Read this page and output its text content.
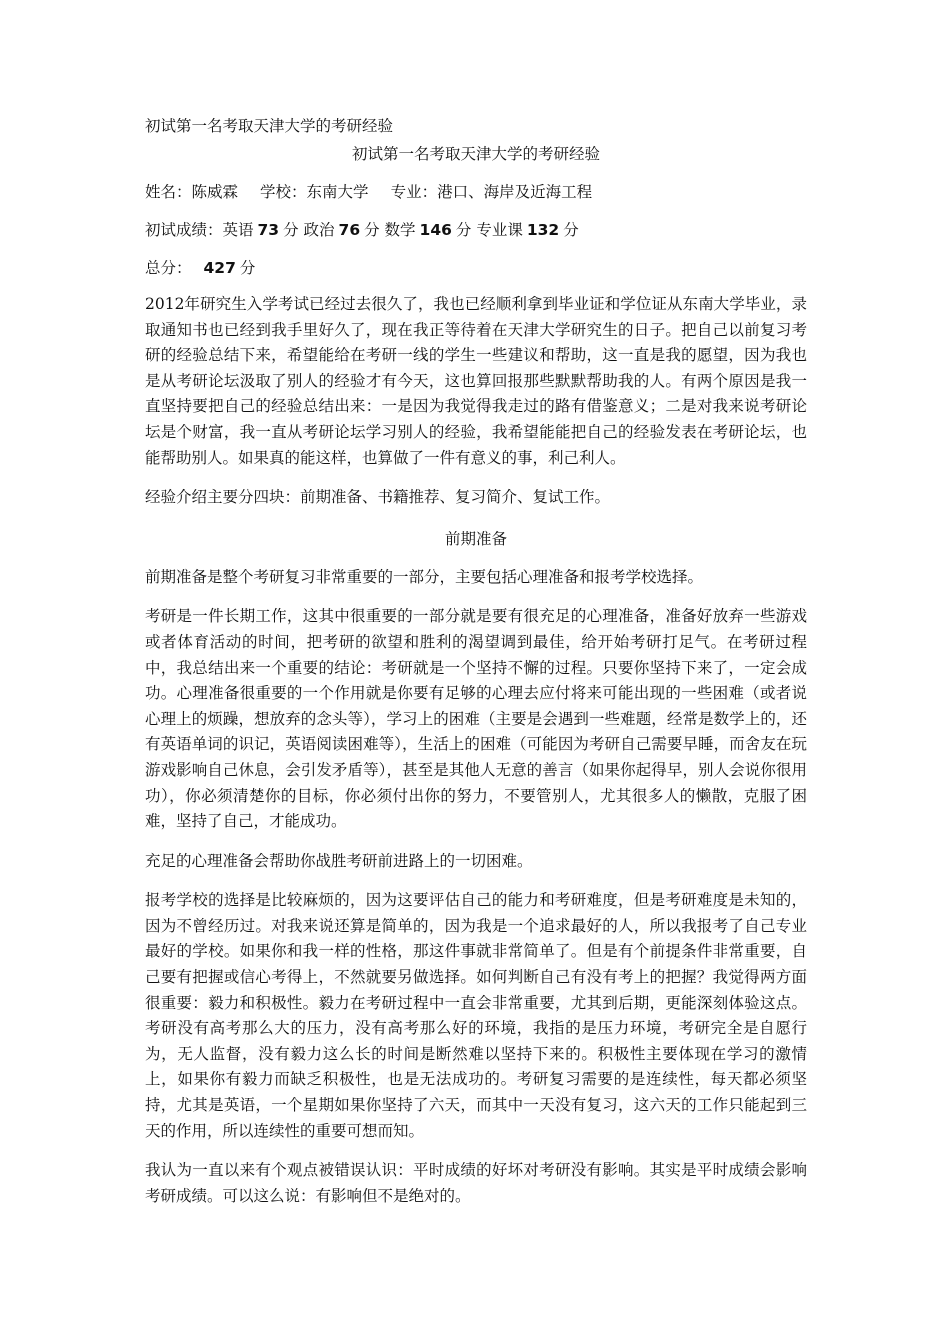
初试第一名考取天津大学的考研经验
初试第一名考取天津大学的考研经验
姓名：陈威霖 学校：东南大学 专业：港口、海岸及近海工程
初试成绩：英语 73 分 政治 76 分 数学 146 分 专业课 132 分
总分： 427 分

2012年研究生入学考试已经过去很久了，我也已经顺利拿到毕业证和学位证从东南大学毕业，录取通知书也已经到我手里好久了，现在我正等待着在天津大学研究生的日子。把自己以前复习考研的经验总结下来，希望能给在考研一线的学生一些建议和帮助，这一直是我的愿望，因为我也是从考研论坛汲取了别人的经验才有今天，这也算回报那些默默帮助我的人。有两个原因是我一直坚持要把自己的经验总结出来：一是因为我觉得我走过的路有借鉴意义；二是对我来说考研论坛是个财富，我一直从考研论坛学习别人的经验，我希望能能把自己的经验发表在考研论坛，也能帮助别人。如果真的能这样，也算做了一件有意义的事，利己利人。

经验介绍主要分四块：前期准备、书籍推荐、复习简介、复试工作。

前期准备

前期准备是整个考研复习非常重要的一部分，主要包括心理准备和报考学校选择。

考研是一件长期工作，这其中很重要的一部分就是要有很充足的心理准备，准备好放弃一些游戏或者体育活动的时间，把考研的欲望和胜利的渴望调到最佳，给开始考研打足气。在考研过程中，我总结出来一个重要的结论：考研就是一个坚持不懈的过程。只要你坚持下来了，一定会成功。心理准备很重要的一个作用就是你要有足够的心理去应付将来可能出现的一些困难（或者说心理上的烦躁，想放弃的念头等），学习上的困难（主要是会遇到一些难题，经常是数学上的，还有英语单词的识记，英语阅读困难等），生活上的困难（可能因为考研自己需要早睡，而舍友在玩游戏影响自己休息，会引发矛盾等），甚至是其他人无意的善言（如果你起得早，别人会说你很用功），你必须清楚你的目标，你必须付出你的努力，不要管别人，尤其很多人的懒散，克服了困难，坚持了自己，才能成功。

充足的心理准备会帮助你战胜考研前进路上的一切困难。

报考学校的选择是比较麻烦的，因为这要评估自己的能力和考研难度，但是考研难度是未知的，因为不曾经历过。对我来说还算是简单的，因为我是一个追求最好的人，所以我报考了自己专业最好的学校。如果你和我一样的性格，那这件事就非常简单了。但是有个前提条件非常重要，自己要有把握或信心考得上，不然就要另做选择。如何判断自己有没有考上的把握？我觉得两方面很重要：毅力和积极性。毅力在考研过程中一直会非常重要，尤其到后期，更能深刻体验这点。考研没有高考那么大的压力，没有高考那么好的环境，我指的是压力环境，考研完全是自愿行为，无人监督，没有毅力这么长的时间是断然难以坚持下来的。积极性主要体现在学习的激情上，如果你有毅力而缺乏积极性，也是无法成功的。考研复习需要的是连续性，每天都必须坚持，尤其是英语，一个星期如果你坚持了六天，而其中一天没有复习，这六天的工作只能起到三天的作用，所以连续性的重要可想而知。

我认为一直以来有个观点被错误认识：平时成绩的好坏对考研没有影响。其实是平时成绩会影响考研成绩。可以这么说：有影响但不是绝对的。
